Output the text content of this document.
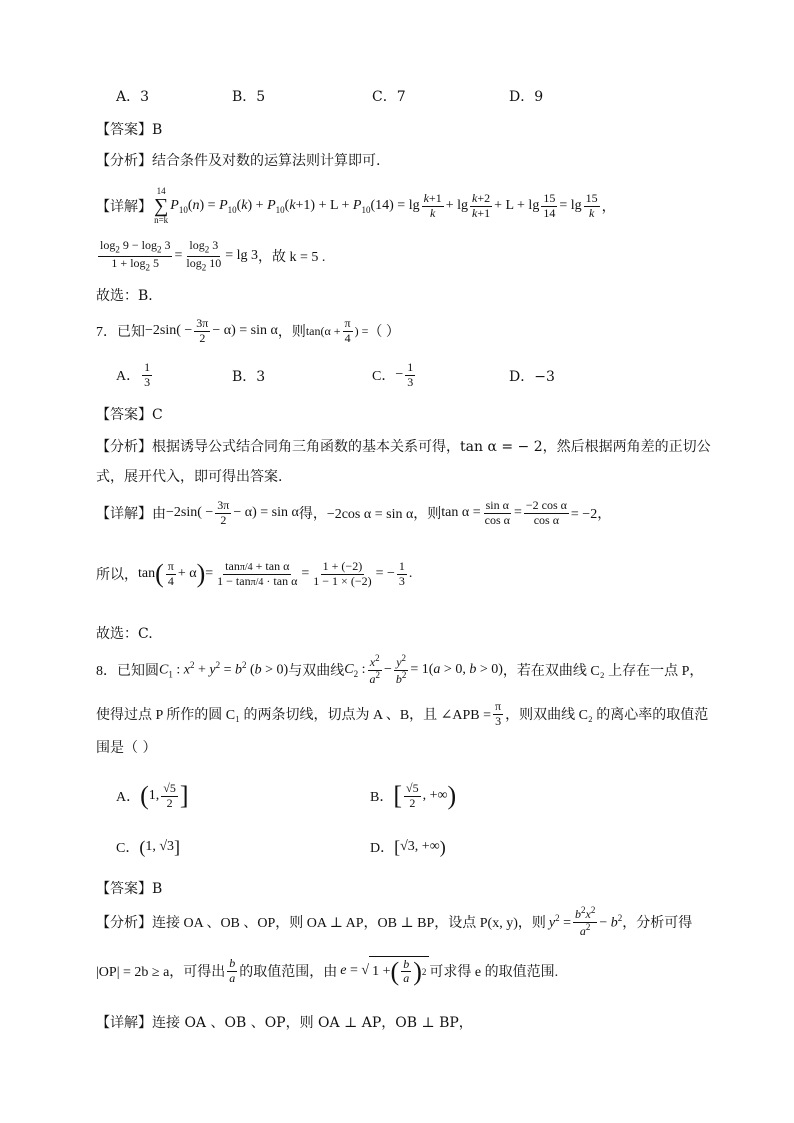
A．3	B．5	C．7	D．9
【答案】B
【分析】结合条件及对数的运算法则计算即可.
【详解】
14
∑
n=k
$P_{10}(n) = P_{10}(k) + P_{10}(k+1) + L + P_{10}(14) = \lg \frac{k+1}{k} + \lg \frac{k+2}{k+1} + L + \lg \frac{15}{14} = \lg \frac{15}{k}$ ，
$\frac{\log_2 9 - \log_2 3}{1 + \log_2 5} = \frac{\log_2 3}{\log_2 10} = \lg 3$ ，故 k = 5 .
故选：B．
7．已知 $-2\sin( - \frac{3\pi}{2} - \alpha) = \sin \alpha$ ，则 $\tan(\alpha + \frac{\pi}{4}$ ) = （ ）
A． $\frac{1}{3}$	B．3	C． − $\frac{1}{3}$	D．−3
【答案】C
【分析】根据诱导公式结合同角三角函数的基本关系可得，tan α = − 2，然后根据两角差的正切公
式，展开代入，即可得出答案.
【详解】 由 $-2\sin( - \frac{3\pi}{2} - \alpha) = \sin \alpha$ 得，−2cos α = sin α，则 $\tan \alpha = \frac{\text{sin α}}{\text{cos α}} = \frac{\text{−2 cos α}}{\text{cos α}} = -2$，
所以， tan ( $\frac{\pi}{4} + \alpha$ ) = $\frac{\text{tanπ/4 + tan α}}{\text{1 − tanπ/4 · tan α}} = \frac{1 + (-2)}{1 - 1 \times (-2)}$ = − $\frac{1}{3}$ .
故选：C.
8．已知圆 $C_1$ : $x^2 + y^2 = b^2$ (b > 0) 与双曲线 $C_2$ : $\frac{x^2}{a^2} - \frac{y^2}{b^2} = 1(a > 0$, b > 0) ，若在双曲线 C₂ 上存在一点 P，
使得过点 P 所作的圆 C₁ 的两条切线，切点为 A 、B，且 ∠APB = $\frac{\pi}{3}$ ，则双曲线 C₂ 的离心率的取值范
围是（ ）
A． ( 1, $\frac{√5}{2}$ ]	B． [ $\frac{√5}{2}$ , +∞ )
C． ( 1, √3 ]	D． [ √3, +∞ )
【答案】B
【分析】 连接 OA 、OB 、OP，则 OA ⊥ AP，OB ⊥ BP，设点 P(x, y)，则 $y^2 = \frac{b^2x^2}{a^2} - b^2$ ，分析可得
|OP| = 2b ≥ a，可得出 $\frac{b}{a}$ 的取值范围，由 e = √ 1 + ( $\frac{b}{a}$ ) 2 可求得 e 的取值范围.
【详解】连接 OA 、OB 、OP，则 OA ⊥ AP，OB ⊥ BP，
